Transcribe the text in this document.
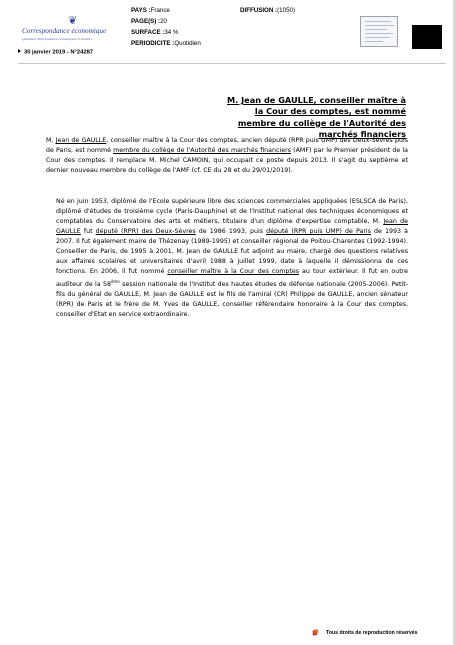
❦
Correspondance économique
Quotidien d'informations économiques et sociales
PAYS :France
PAGE(S) :20
SURFACE :34 %
PERIODICITE :Quotidien
DIFFUSION :(1050)
30 janvier 2019 - N°24287
M. Jean de GAULLE, conseiller maître à la Cour des comptes, est nommé membre du collège de l'Autorité des marchés financiers
M. Jean de GAULLE, conseiller maître à la Cour des comptes, ancien député (RPR puis UMP) des Deux-Sèvres puis de Paris, est nommé membre du collège de l'Autorité des marchés financiers (AMF) par le Premier président de la Cour des comptes. Il remplace M. Michel CAMOIN, qui occupait ce poste depuis 2013. Il s'agit du septième et dernier nouveau membre du collège de l'AMF (cf. CE du 28 et du 29/01/2019).
Né en juin 1953, diplômé de l'Ecole supérieure libre des sciences commerciales appliquées (ESLSCA de Paris), diplômé d'études de troisième cycle (Paris-Dauphine) et de l'Institut national des techniques économiques et comptables du Conservatoire des arts et métiers, titulaire d'un diplôme d'expertise comptable, M. Jean de GAULLE fut député (RPR) des Deux-Sèvres de 1986 1993, puis député (RPR puis UMP) de Paris de 1993 à 2007. Il fut également maire de Thézenay (1989-1995) et conseiller régional de Poitou-Charentes (1992-1994). Conseiller de Paris, de 1995 à 2001, M. Jean de GAULLE fut adjoint au maire, chargé des questions relatives aux affaires scolaires et universitaires d'avril 1988 à juillet 1999, date à laquelle il démissionna de ces fonctions. En 2006, il fut nommé conseiller maître à la Cour des comptes au tour extérieur. Il fut en outre auditeur de la 58ème session nationale de l'Institut des hautes études de défense nationale (2005-2006). Petit-fils du général de GAULLE, M. Jean de GAULLE est le fils de l'amiral (CR) Philippe de GAULLE, ancien sénateur (RPR) de Paris et le frère de M. Yves de GAULLE, conseiller référendaire honoraire à la Cour des comptes, conseiller d'Etat en service extraordinaire.
Tous droits de reproduction réservés
